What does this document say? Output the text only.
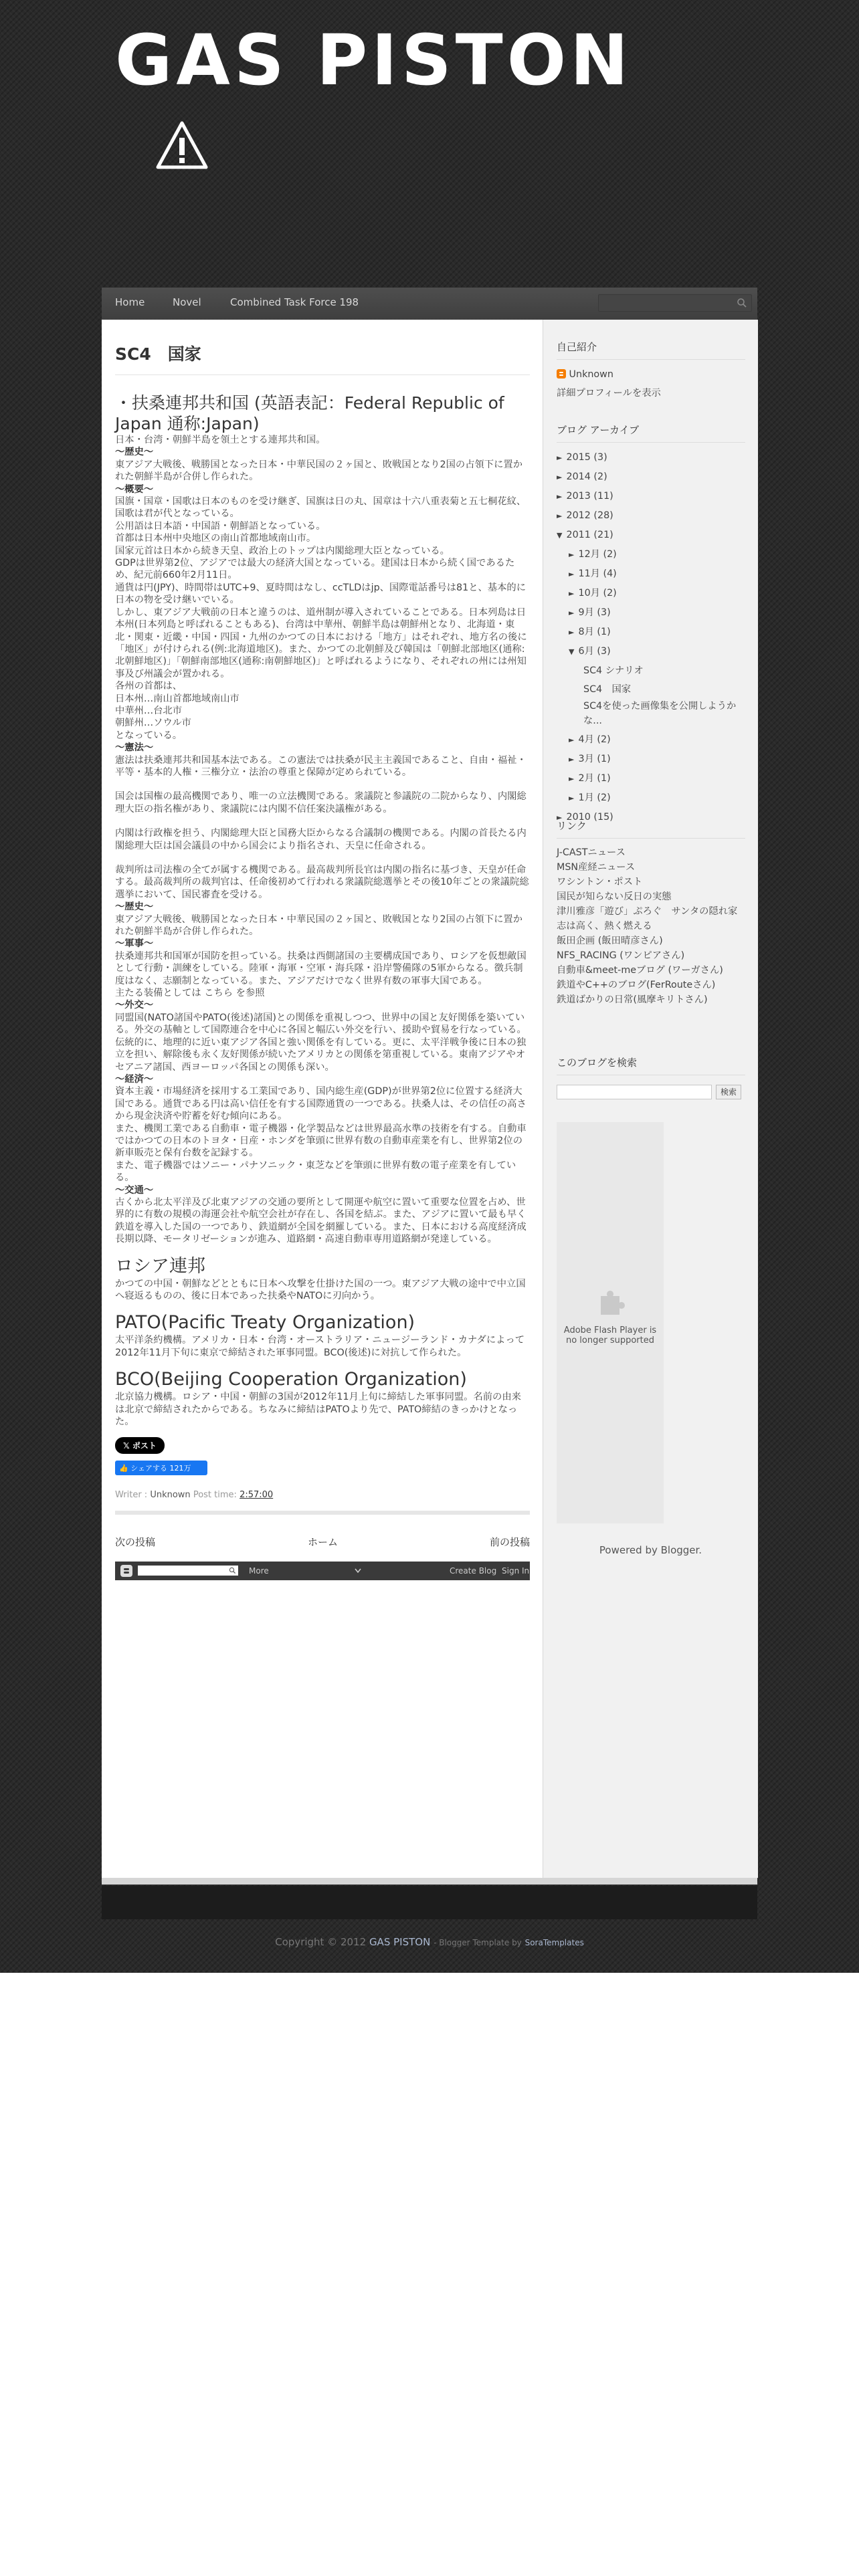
GAS PISTON
Home	Novel	Combined Task Force 198
SC4　国家
・扶桑連邦共和国 (英語表記：Federal Republic of Japan 通称:Japan)

日本・台湾・朝鮮半島を領土とする連邦共和国。

〜歴史〜

東アジア大戦後、戦勝国となった日本・中華民国の２ヶ国と、敗戦国となり2国の占領下に置かれた朝鮮半島が合併し作られた。

〜概要〜

国旗・国章・国歌は日本のものを受け継ぎ、国旗は日の丸、国章は十六八重表菊と五七桐花紋、国歌は君が代となっている。

公用語は日本語・中国語・朝鮮語となっている。

首都は日本州中央地区の南山首都地域南山市。

国家元首は日本から続き天皇、政治上のトップは内閣総理大臣となっている。

GDPは世界第2位、アジアでは最大の経済大国となっている。建国は日本から続く国であるため、紀元前660年2月11日。

通貨は円(JPY)、時間帯はUTC+9、夏時間はなし、ccTLDはjp、国際電話番号は81と、基本的に日本の物を受け継いでいる。

しかし、東アジア大戦前の日本と違うのは、道州制が導入されていることである。日本列島は日本州(日本列島と呼ばれることもある)、台湾は中華州、朝鮮半島は朝鮮州となり、北海道・東北・関東・近畿・中国・四国・九州のかつての日本における「地方」はそれぞれ、地方名の後に「地区」が付けられる(例:北海道地区)。また、かつての北朝鮮及び韓国は「朝鮮北部地区(通称:北朝鮮地区)」「朝鮮南部地区(通称:南朝鮮地区)」と呼ばれるようになり、それぞれの州には州知事及び州議会が置かれる。

各州の首都は、

日本州…南山首都地域南山市

中華州…台北市

朝鮮州…ソウル市

となっている。

〜憲法〜

憲法は扶桑連邦共和国基本法である。この憲法では扶桑が民主主義国であること、自由・福祉・平等・基本的人権・三権分立・法治の尊重と保障が定められている。

国会は国権の最高機関であり、唯一の立法機関である。衆議院と参議院の二院からなり、内閣総理大臣の指名権があり、衆議院には内閣不信任案決議権がある。

内閣は行政権を担う、内閣総理大臣と国務大臣からなる合議制の機関である。内閣の首長たる内閣総理大臣は国会議員の中から国会により指名され、天皇に任命される。

裁判所は司法権の全てが属する機関である。最高裁判所長官は内閣の指名に基づき、天皇が任命する。最高裁判所の裁判官は、任命後初めて行われる衆議院総選挙とその後10年ごとの衆議院総選挙において、国民審査を受ける。

〜歴史〜

東アジア大戦後、戦勝国となった日本・中華民国の２ヶ国と、敗戦国となり2国の占領下に置かれた朝鮮半島が合併し作られた。

〜軍事〜

扶桑連邦共和国軍が国防を担っている。扶桑は西側諸国の主要構成国であり、ロシアを仮想敵国として行動・訓練をしている。陸軍・海軍・空軍・海兵隊・沿岸警備隊の5軍からなる。徴兵制度はなく、志願制となっている。また、アジアだけでなく世界有数の軍事大国である。

主たる装備としては こちら を参照

〜外交〜

同盟国(NATO諸国やPATO(後述)諸国)との関係を重視しつつ、世界中の国と友好関係を築いている。外交の基軸として国際連合を中心に各国と幅広い外交を行い、援助や貿易を行なっている。伝統的に、地理的に近い東アジア各国と強い関係を有している。更に、太平洋戦争後に日本の独立を担い、解除後も永く友好関係が続いたアメリカとの関係を第重視している。東南アジアやオセアニア諸国、西ヨーロッパ各国との関係も深い。

〜経済〜

資本主義・市場経済を採用する工業国であり、国内総生産(GDP)が世界第2位に位置する経済大国である。通貨である円は高い信任を有する国際通貨の一つである。扶桑人は、その信任の高さから現金決済や貯蓄を好む傾向にある。

また、機関工業である自動車・電子機器・化学製品などは世界最高水準の技術を有する。自動車ではかつての日本のトヨタ・日産・ホンダを筆頭に世界有数の自動車産業を有し、世界第2位の新車販売と保有台数を記録する。

また、電子機器ではソニー・パナソニック・東芝などを筆頭に世界有数の電子産業を有している。

〜交通〜

古くから北太平洋及び北東アジアの交通の要所として開運や航空に置いて重要な位置を占め、世界的に有数の規模の海運会社や航空会社が存在し、各国を結ぶ。また、アジアに置いて最も早く鉄道を導入した国の一つであり、鉄道網が全国を網羅している。また、日本における高度経済成長期以降、モータリゼーションが進み、道路網・高速自動車専用道路網が発達している。

ロシア連邦

かつての中国・朝鮮などとともに日本へ攻撃を仕掛けた国の一つ。東アジア大戦の途中で中立国へ寝返るものの、後に日本であった扶桑やNATOに刃向かう。

PATO(Pacific Treaty Organization)

太平洋条約機構。アメリカ・日本・台湾・オーストラリア・ニュージーランド・カナダによって2012年11月下旬に東京で締結された軍事同盟。BCO(後述)に対抗して作られた。

BCO(Beijing Cooperation Organization)

北京協力機構。ロシア・中国・朝鮮の3国が2012年11月上旬に締結した軍事同盟。名前の由来は北京で締結されたからである。ちなみに締結はPATOより先で、PATO締結のきっかけとなった。

𝕏 ポスト
👍 シェアする 121万
Writer : Unknown Post time: 2:57:00
次の投稿	ホーム	前の投稿
More	Create Blog Sign In
自己紹介
Unknown
詳細プロフィールを表示
ブログ アーカイブ
► 2015 (3)
► 2014 (2)
► 2013 (11)
► 2012 (28)
▼ 2011 (21)
► 12月 (2)
► 11月 (4)
► 10月 (2)
► 9月 (3)
► 8月 (1)
▼ 6月 (3)
SC4 シナリオ
SC4　国家
SC4を使った画像集を公開しようかな...
► 4月 (2)
► 3月 (1)
► 2月 (1)
► 1月 (2)
► 2010 (15)
リンク
J-CASTニュース
MSN産経ニュース
ワシントン・ポスト
国民が知らない反日の実態
津川雅彦「遊び」ぷろぐ　サンタの隠れ家
志は高く、熱く燃える
飯田企画 (飯田晴彦さん)
NFS_RACING (ワンピアさん)
自動車&meet-meブログ (ワーガさん)
鉄道やC++のブログ(FerRouteさん)
鉄道ばかりの日常(風摩キリトさん)
このブログを検索
検索
Adobe Flash Player is no longer supported
Powered by Blogger.
Copyright © 2012 GAS PISTON - Blogger Template by SoraTemplates
